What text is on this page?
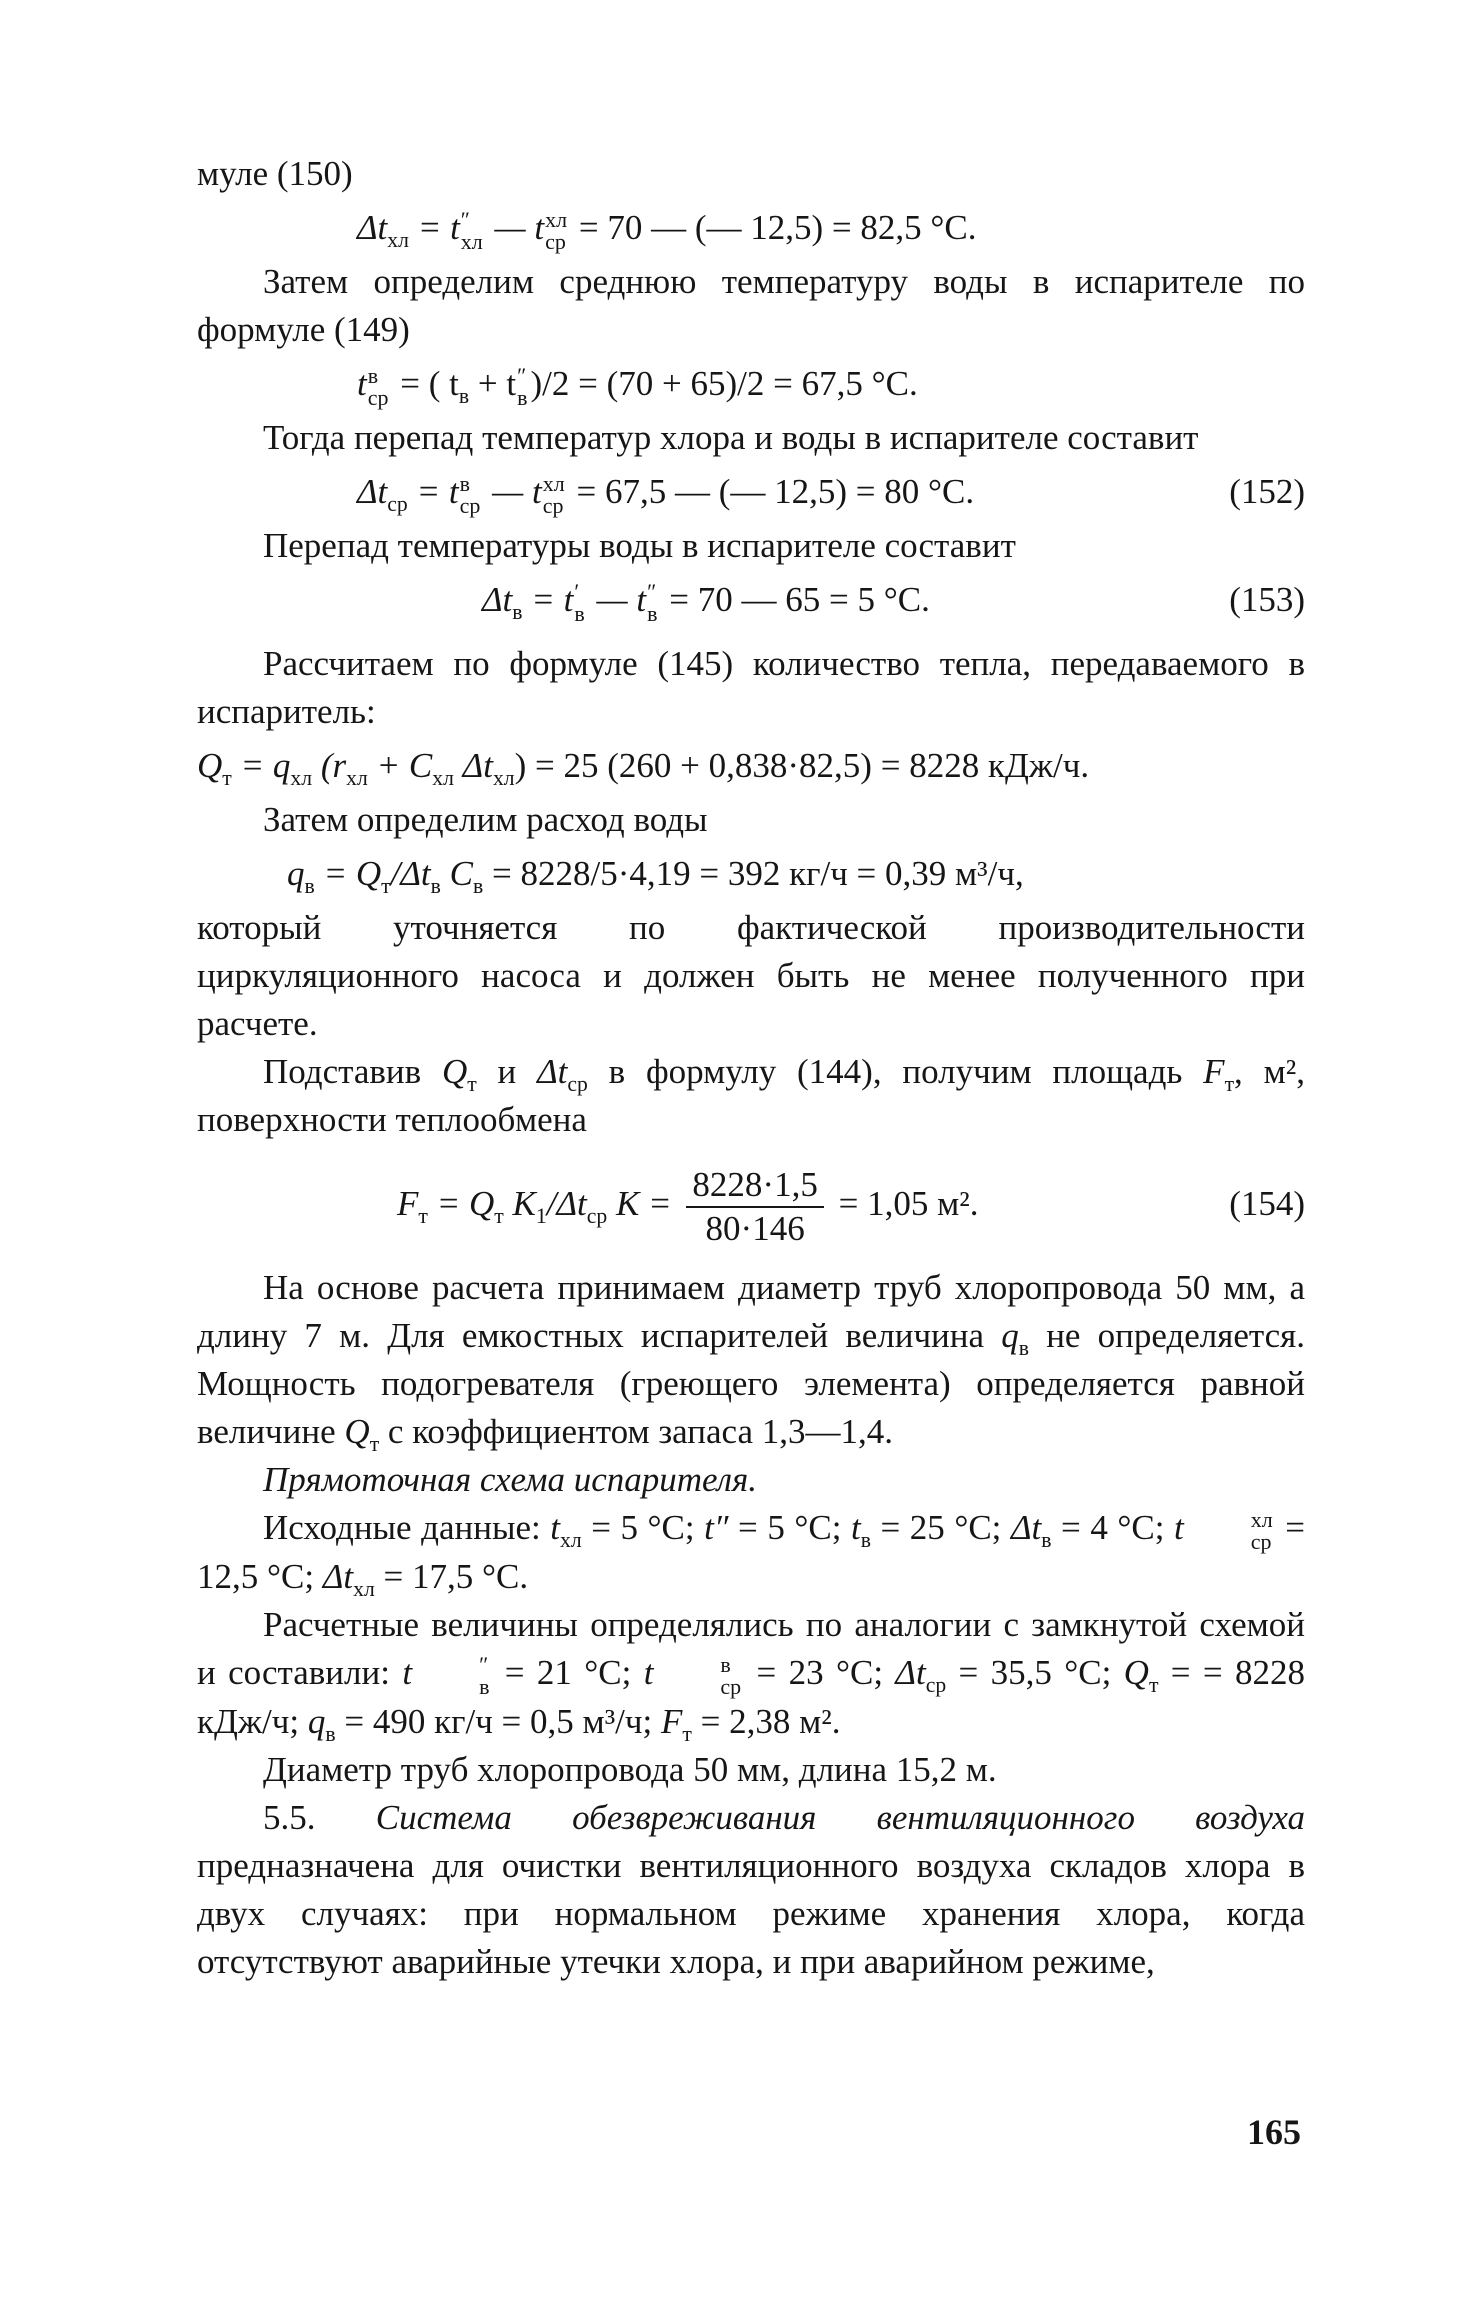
муле (150)

$\Delta t_{хл} = t$ ″
хл — t хл
ср = 70 — (— 12,5) = 82,5 °C.

Затем определим среднюю температуру воды в испарителе по формуле (149)

t в
ср = ( $t_в + t$ ″
в )/2 = (70 + 65)/2 = 67,5 °C.

Тогда перепад температур хлора и воды в испарителе составит

$\Delta t_{ср} = t$ в
ср — t хл
ср = 67,5 — (— 12,5) = 80 °C.	(152)

Перепад температуры воды в испарителе составит

$\Delta t_в = t$ ′
в — t ″
в = 70 — 65 = 5 °C.	(153)

Рассчитаем по формуле (145) количество тепла, передаваемого в испаритель:

$Q_т = q_{хл}$ ($r_{хл} + C_{хл}$ $\Delta t_{хл}) = 25$ (260 + 0,838·82,5) = 8228 кДж/ч.

Затем определим расход воды

$q_в = Q_т/\Delta t_в$ $C_в = 8228/5\cdot 4,19 = 392$ кг/ч = 0,39 м³/ч,

который уточняется по фактической производительности циркуляционного насоса и должен быть не менее полученного при расчете.

Подставив $Q_т$ и $\Delta t_{ср}$ в формулу (144), получим площадь $F_т$, м², поверхности теплообмена

$F_т = Q_т$ $K_1/\Delta t_{ср}$ $K = \frac{8228\cdot 1,5}{80\cdot 146} = 1,05$ м².	(154)

На основе расчета принимаем диаметр труб хлоропровода 50 мм, а длину 7 м. Для емкостных испарителей величина $q_в$ не определяется. Мощность подогревателя (греющего элемента) определяется равной величине $Q_т$ с коэффициентом запаса 1,3—1,4.

Прямоточная схема испарителя.

Исходные данные: $t_{хл} = 5$ °C; t″ = 5 °C; $t_в = 25$ °C; $\Delta t_в = 4$ °C; t	хл
ср = 12,5 °C; $\Delta t_{хл} = 17,5$ °C.

Расчетные величины определялись по аналогии с замкнутой схемой и составили: t	″
в = 21 °C; t	в
ср = 23 °C; $\Delta t_{ср} = 35,5$ °C; $Q_т$ = = 8228 кДж/ч; $q_в = 490$ кг/ч = 0,5 м³/ч; $F_т = 2,38$ м².

Диаметр труб хлоропровода 50 мм, длина 15,2 м.

5.5. Система обезвреживания вентиляционного воздуха предназначена для очистки вентиляционного воздуха складов хлора в двух случаях: при нормальном режиме хранения хлора, когда отсутствуют аварийные утечки хлора, и при аварийном режиме,

165
